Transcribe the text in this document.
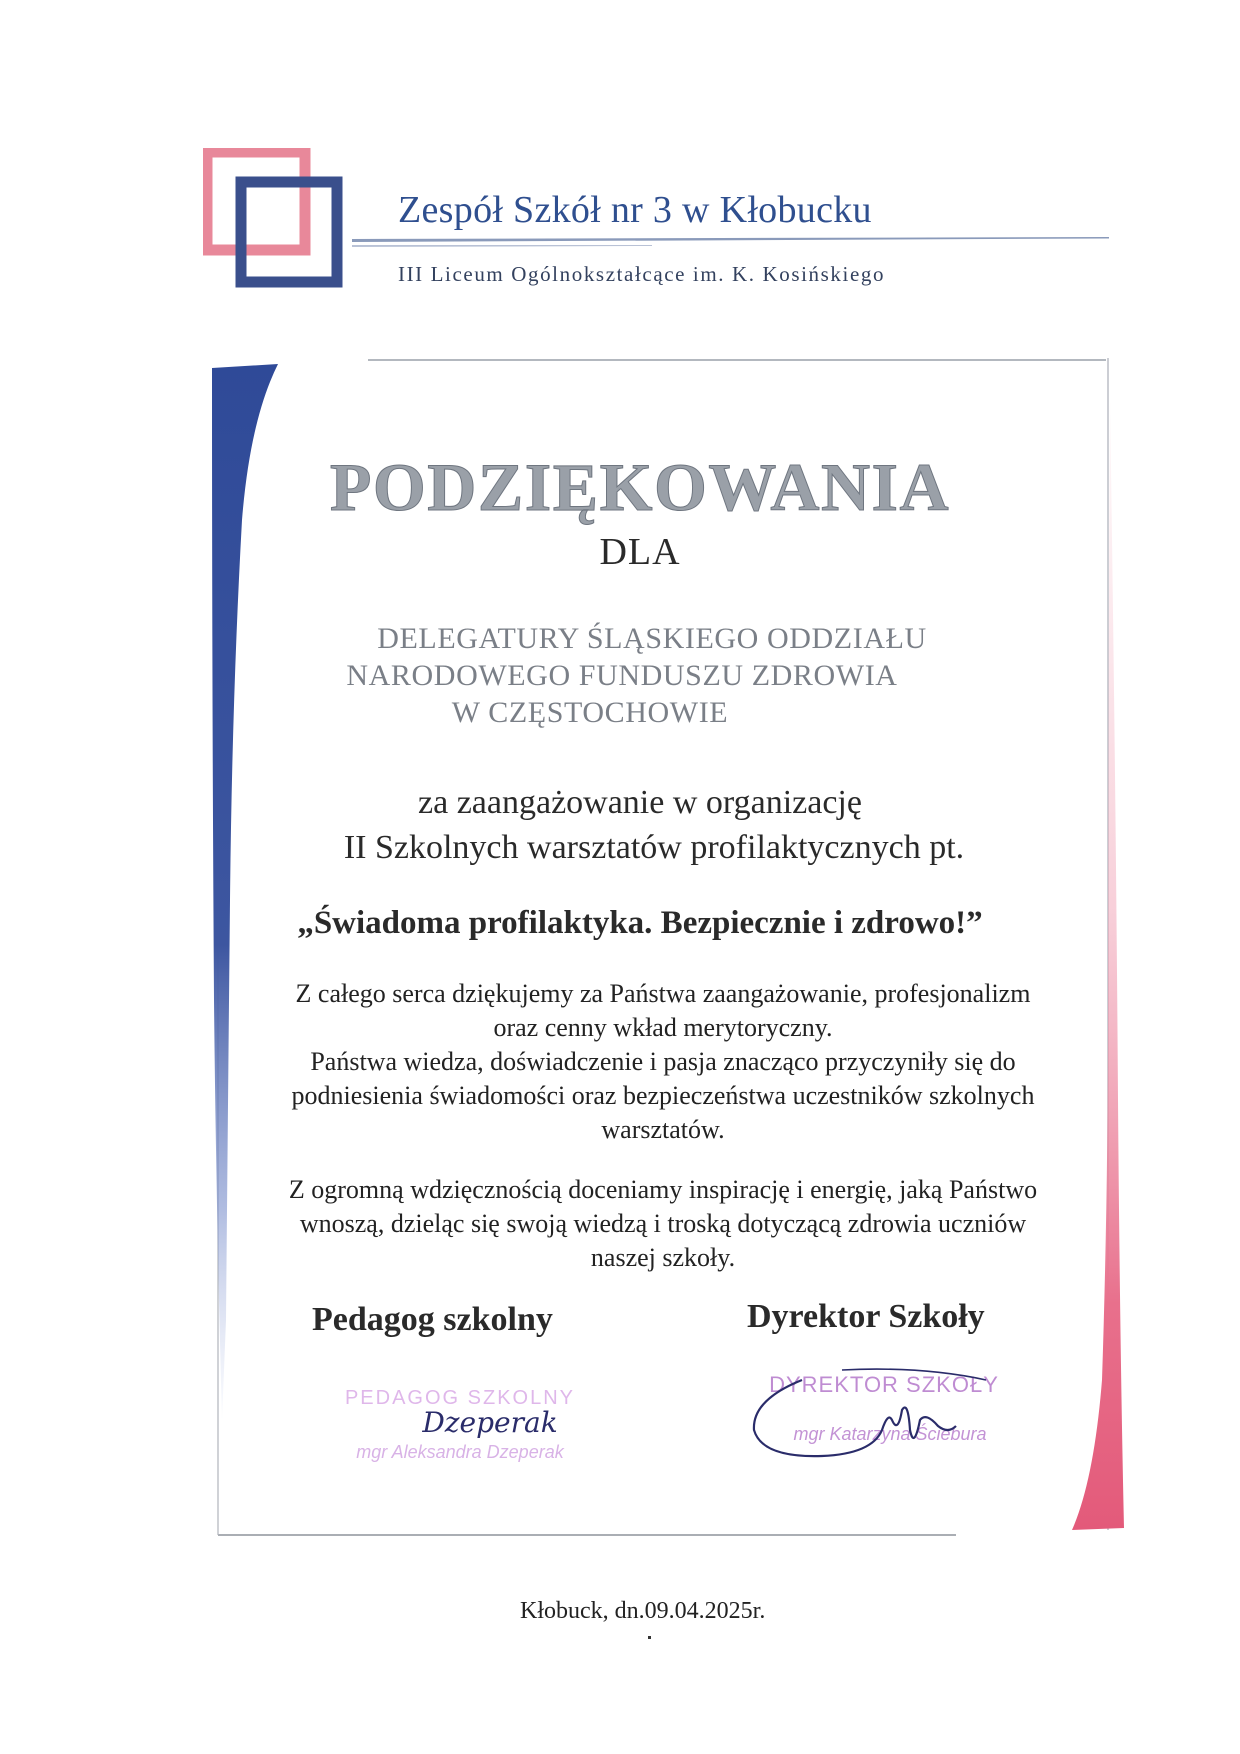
Zespół Szkół nr 3 w Kłobucku
III Liceum Ogólnokształcące im. K. Kosińskiego
PODZIĘKOWANIA
DLA
DELEGATURY ŚLĄSKIEGO ODDZIAŁU
NARODOWEGO FUNDUSZU ZDROWIA
W CZĘSTOCHOWIE
za zaangażowanie w organizację
II Szkolnych warsztatów profilaktycznych pt.
„Świadoma profilaktyka. Bezpiecznie i zdrowo!”
Z całego serca dziękujemy za Państwa zaangażowanie, profesjonalizm
oraz cenny wkład merytoryczny.
Państwa wiedza, doświadczenie i pasja znacząco przyczyniły się do
podniesienia świadomości oraz bezpieczeństwa uczestników szkolnych
warsztatów.
Z ogromną wdzięcznością doceniamy inspirację i energię, jaką Państwo
wnoszą, dzieląc się swoją wiedzą i troską dotyczącą zdrowia uczniów
naszej szkoły.
Pedagog szkolny	Dyrektor Szkoły
PEDAGOG SZKOLNY
Dzeperak
mgr Aleksandra Dzeperak
DYREKTOR SZKOŁY
mgr Katarzyna Ściebura
Kłobuck, dn.09.04.2025r.
